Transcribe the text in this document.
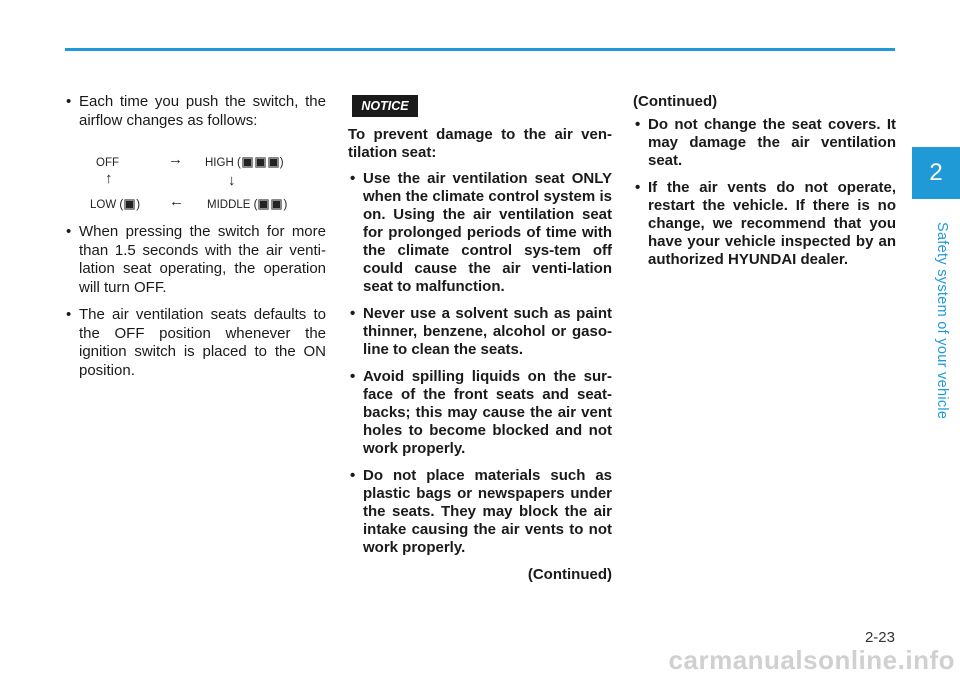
2
Safety system of your vehicle
• Each time you push the switch, the airflow changes as follows:
OFF	→ HIGH (	)
↑	↓
LOW ( ) ← MIDDLE ( )
• When pressing the switch for more than 1.5 seconds with the air venti-lation seat operating, the operation will turn OFF.
• The air ventilation seats defaults to the OFF position whenever the ignition switch is placed to the ON position.
NOTICE

To prevent damage to the air ven-tilation seat:

• Use the air ventilation seat ONLY when the climate control system is on. Using the air ventilation seat for prolonged periods of time with the climate control sys-tem off could cause the air venti-lation seat to malfunction.
• Never use a solvent such as paint thinner, benzene, alcohol or gaso-line to clean the seats.
• Avoid spilling liquids on the sur-face of the front seats and seat-backs; this may cause the air vent holes to become blocked and not work properly.
• Do not place materials such as plastic bags or newspapers under the seats. They may block the air intake causing the air vents to not work properly.
(Continued)

(Continued)

• Do not change the seat covers. It may damage the air ventilation seat.
• If the air vents do not operate, restart the vehicle. If there is no change, we recommend that you have your vehicle inspected by an authorized HYUNDAI dealer.
2-23
carmanualsonline.info
